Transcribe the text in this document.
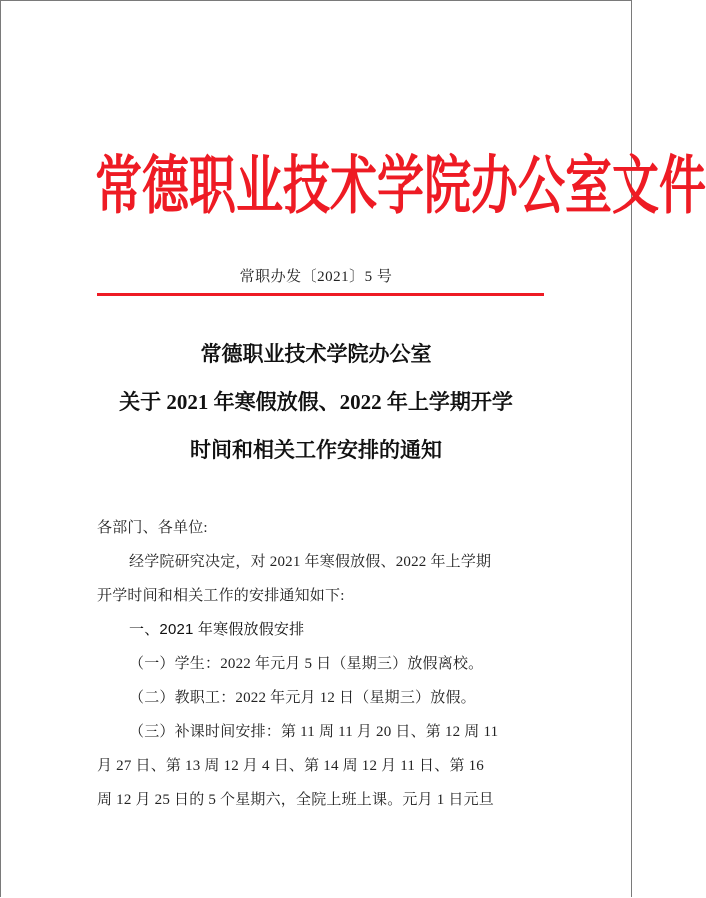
常德职业技术学院办公室文件
常职办发〔2021〕5 号
常德职业技术学院办公室
关于 2021 年寒假放假、2022 年上学期开学
时间和相关工作安排的通知
各部门、各单位:
经学院研究决定，对 2021 年寒假放假、2022 年上学期
开学时间和相关工作的安排通知如下:
一、2021 年寒假放假安排
（一）学生：2022 年元月 5 日（星期三）放假离校。
（二）教职工：2022 年元月 12 日（星期三）放假。
（三）补课时间安排：第 11 周 11 月 20 日、第 12 周 11
月 27 日、第 13 周 12 月 4 日、第 14 周 12 月 11 日、第 16
周 12 月 25 日的 5 个星期六，全院上班上课。元月 1 日元旦
